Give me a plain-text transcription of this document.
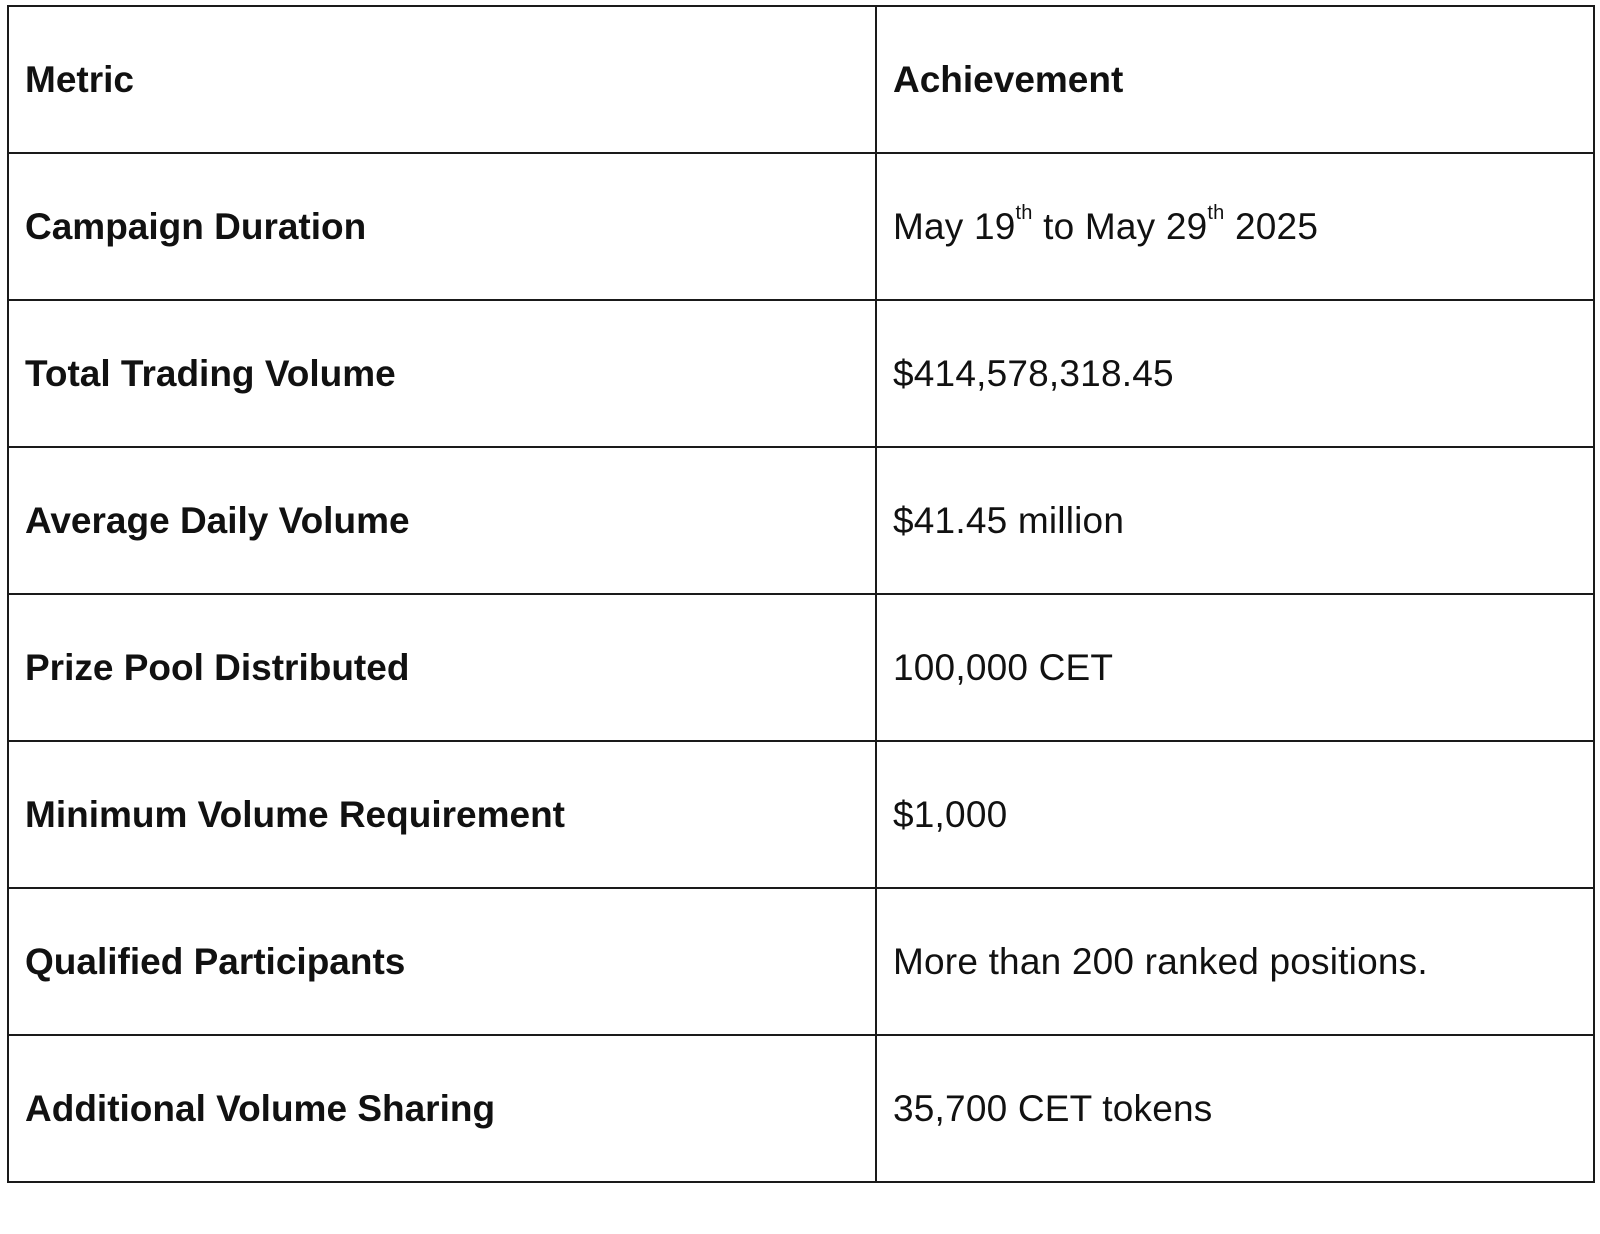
Metric	Achievement
Campaign Duration	May 19th to May 29th 2025
Total Trading Volume	$414,578,318.45
Average Daily Volume	$41.45 million
Prize Pool Distributed	100,000 CET
Minimum Volume Requirement	$1,000
Qualified Participants	More than 200 ranked positions.
Additional Volume Sharing	35,700 CET tokens
